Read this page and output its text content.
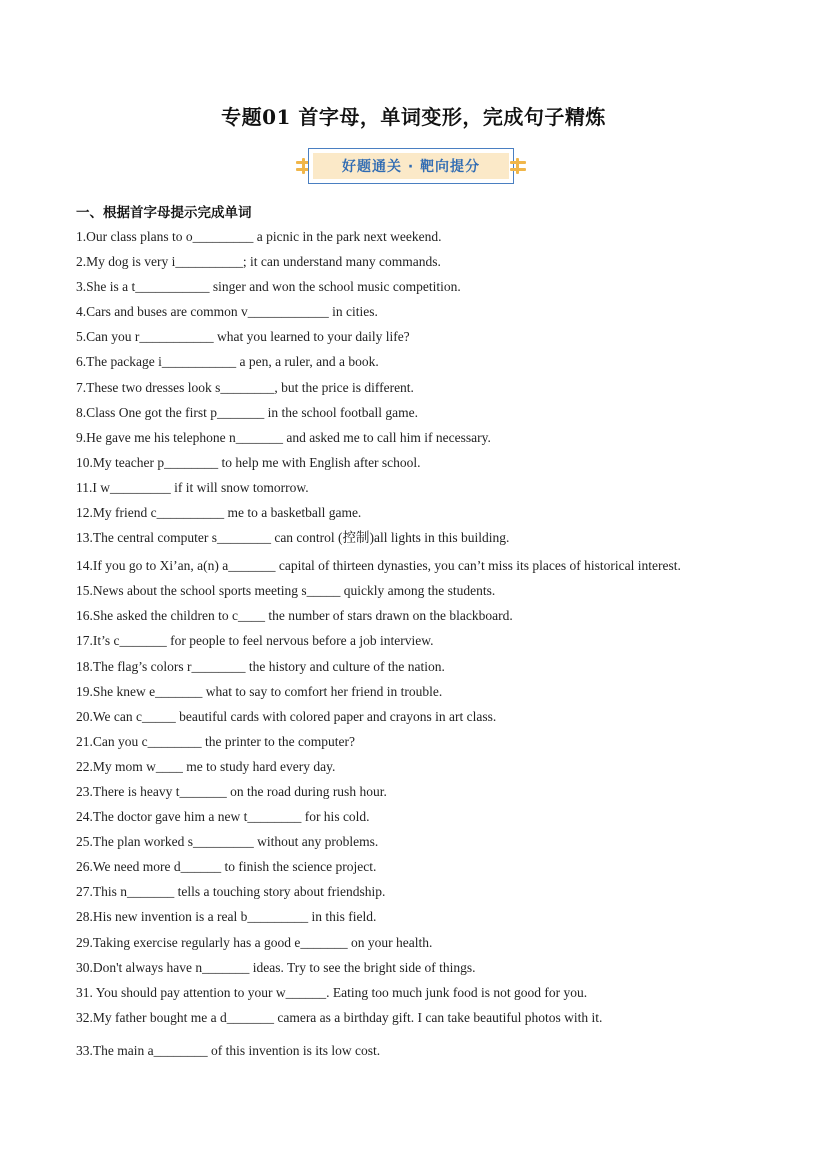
专题01 首字母，单词变形，完成句子精炼
好题通关 · 靶向提分
一、根据首字母提示完成单词
1.Our class plans to o_________ a picnic in the park next weekend.
2.My dog is very i__________; it can understand many commands.
3.She is a t___________ singer and won the school music competition.
4.Cars and buses are common v____________ in cities.
5.Can you r___________ what you learned to your daily life?
6.The package i___________ a pen, a ruler, and a book.
7.These two dresses look s________, but the price is different.
8.Class One got the first p_______ in the school football game.
9.He gave me his telephone n_______ and asked me to call him if necessary.
10.My teacher p________ to help me with English after school.
11.I w_________ if it will snow tomorrow.
12.My friend c__________ me to a basketball game.
13.The central computer s________ can control (控制)all lights in this building.
14.If you go to Xi’an, a(n) a_______ capital of thirteen dynasties, you can’t miss its places of historical interest.
15.News about the school sports meeting s_____ quickly among the students.
16.She asked the children to c____ the number of stars drawn on the blackboard.
17.It’s c_______ for people to feel nervous before a job interview.
18.The flag’s colors r________ the history and culture of the nation.
19.She knew e_______ what to say to comfort her friend in trouble.
20.We can c_____ beautiful cards with colored paper and crayons in art class.
21.Can you c________ the printer to the computer?
22.My mom w____ me to study hard every day.
23.There is heavy t_______ on the road during rush hour.
24.The doctor gave him a new t________ for his cold.
25.The plan worked s_________ without any problems.
26.We need more d______ to finish the science project.
27.This n_______ tells a touching story about friendship.
28.His new invention is a real b_________ in this field.
29.Taking exercise regularly has a good e_______ on your health.
30.Don't always have n_______ ideas. Try to see the bright side of things.
31. You should pay attention to your w______. Eating too much junk food is not good for you.
32.My father bought me a d_______ camera as a birthday gift. I can take beautiful photos with it.
33.The main a________ of this invention is its low cost.
